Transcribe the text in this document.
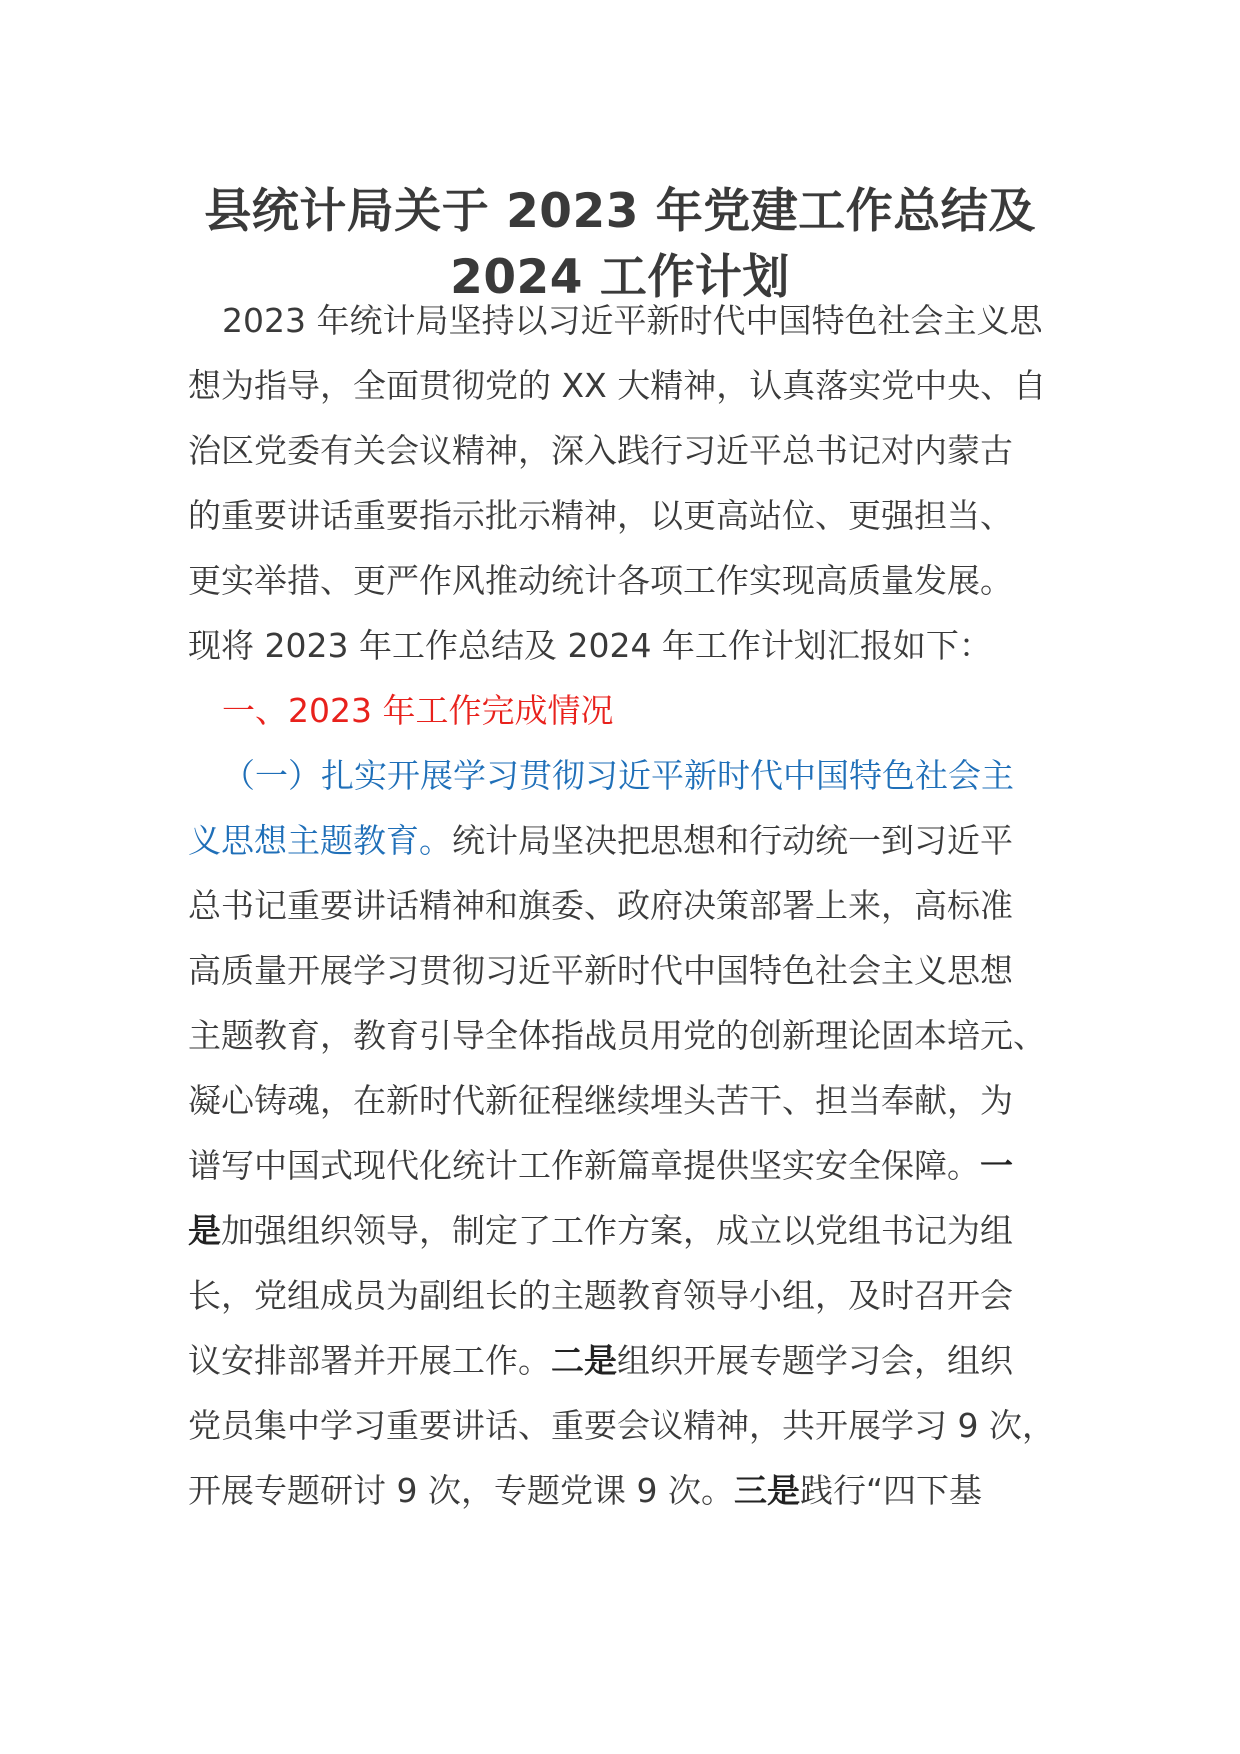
县统计局关于 2023 年党建工作总结及
2024 工作计划
2023 年统计局坚持以习近平新时代中国特色社会主义思
想为指导，全面贯彻党的 XX 大精神，认真落实党中央、自
治区党委有关会议精神，深入践行习近平总书记对内蒙古
的重要讲话重要指示批示精神，以更高站位、更强担当、
更实举措、更严作风推动统计各项工作实现高质量发展。
现将 2023 年工作总结及 2024 年工作计划汇报如下：
一、2023 年工作完成情况
（一）扎实开展学习贯彻习近平新时代中国特色社会主
义思想主题教育。统计局坚决把思想和行动统一到习近平
总书记重要讲话精神和旗委、政府决策部署上来，高标准
高质量开展学习贯彻习近平新时代中国特色社会主义思想
主题教育，教育引导全体指战员用党的创新理论固本培元、
凝心铸魂，在新时代新征程继续埋头苦干、担当奉献，为
谱写中国式现代化统计工作新篇章提供坚实安全保障。一
是加强组织领导，制定了工作方案，成立以党组书记为组
长，党组成员为副组长的主题教育领导小组，及时召开会
议安排部署并开展工作。二是组织开展专题学习会，组织
党员集中学习重要讲话、重要会议精神，共开展学习 9 次，
开展专题研讨 9 次，专题党课 9 次。三是践行“四下基
